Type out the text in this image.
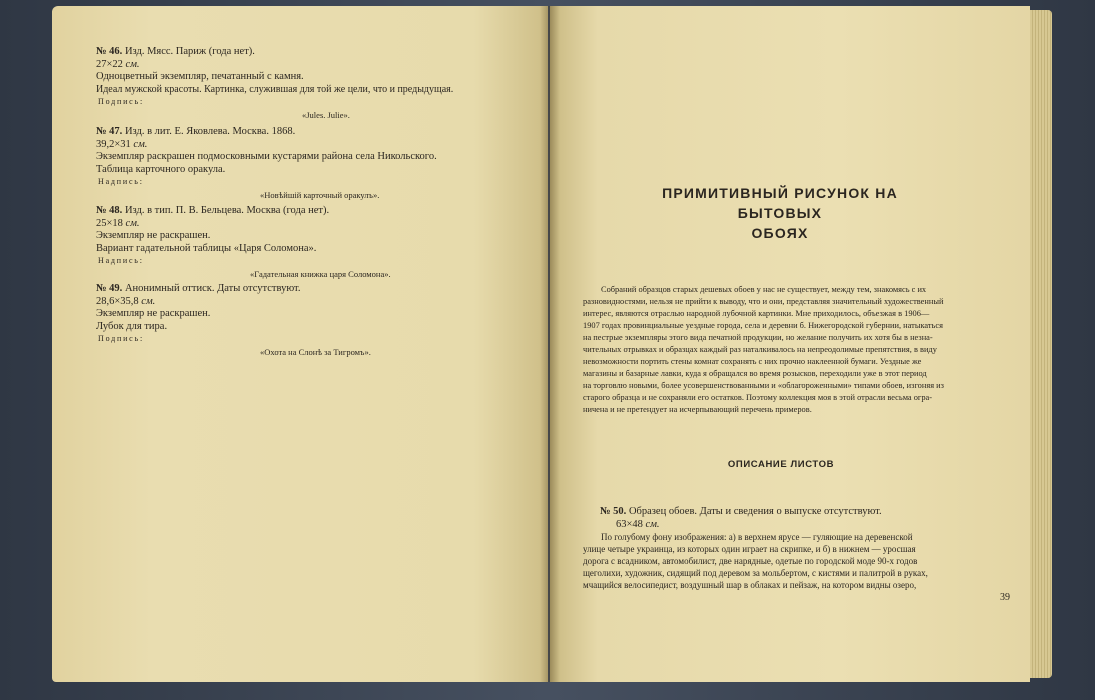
№ 46. Изд. Мясс. Париж (года нет).
27×22 см.
Одноцветный экземпляр, печатанный с камня.
Идеал мужской красоты. Картинка, служившая для той же цели, что и предыдущая.
Подпись:
«Jules. Julie».
№ 47. Изд. в лит. Е. Яковлева. Москва. 1868.
39,2×31 см.
Экземпляр раскрашен подмосковными кустарями района села Никольского.
Таблица карточного оракула.
Надпись:
«Новѣйшій карточный оракулъ».
№ 48. Изд. в тип. П. В. Бельцева. Москва (года нет).
25×18 см.
Экземпляр не раскрашен.
Вариант гадательной таблицы «Царя Соломона».
Надпись:
«Гадательная книжка царя Соломона».
№ 49. Анонимный оттиск. Даты отсутствуют.
28,6×35,8 см.
Экземпляр не раскрашен.
Лубок для тира.
Подпись:
«Охота на Слонѣ за Тигромъ».
ПРИМИТИВНЫЙ РИСУНОК НА БЫТОВЫХ
ОБОЯХ
Собраний образцов старых дешевых обоев у нас не существует, между тем, знакомясь с их
разновидностями, нельзя не прийти к выводу, что и они, представляя значительный художественный
интерес, являются отраслью народной лубочной картинки. Мне приходилось, объезжая в 1906—
1907 годах провинциальные уездные города, села и деревни б. Нижегородской губернии, натыкаться
на пестрые экземпляры этого вида печатной продукции, но желание получить их хотя бы в незна-
чительных отрывках и образцах каждый раз наталкивалось на непреодолимые препятствия, в виду
невозможности портить стены комнат сохранять с них прочно наклеенной бумаги. Уездные же
магазины и базарные лавки, куда я обращался во время розысков, переходили уже в этот период
на торговлю новыми, более усовершенствованными и «облагороженными» типами обоев, изгоняя из
старого образца и не сохраняли его остатков. Поэтому коллекция моя в этой отрасли весьма огра-
ничена и не претендует на исчерпывающий перечень примеров.
ОПИСАНИЕ ЛИСТОВ
№ 50. Образец обоев. Даты и сведения о выпуске отсутствуют.
63×48 см.
По голубому фону изображения: а) в верхнем ярусе — гуляющие на деревенской
улице четыре украинца, из которых один играет на скрипке, и б) в нижнем — уросшая
дорога с всадником, автомобилист, две нарядные, одетые по городской моде 90-х годов
щеголихи, художник, сидящий под деревом за мольбертом, с кистями и палитрой в руках,
мчащийся велосипедист, воздушный шар в облаках и пейзаж, на котором видны озеро,
39
